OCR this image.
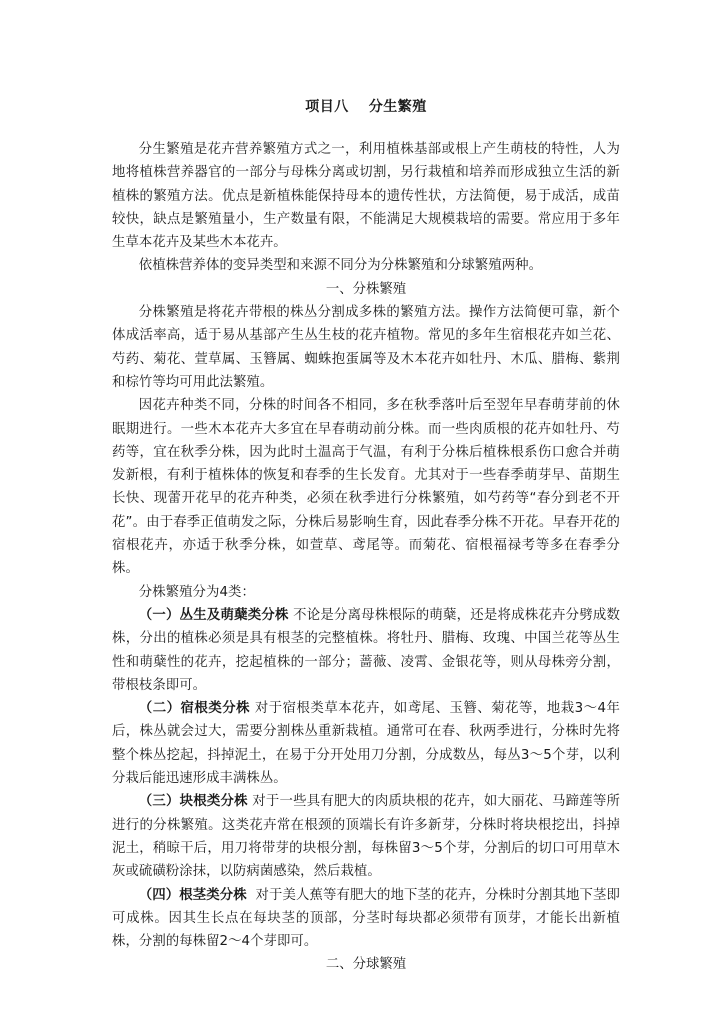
项目八 分生繁殖

分生繁殖是花卉营养繁殖方式之一，利用植株基部或根上产生萌枝的特性，人为地将植株营养器官的一部分与母株分离或切割，另行栽植和培养而形成独立生活的新植株的繁殖方法。优点是新植株能保持母本的遗传性状，方法简便，易于成活，成苗较快，缺点是繁殖量小，生产数量有限，不能满足大规模栽培的需要。常应用于多年生草本花卉及某些木本花卉。

依植株营养体的变异类型和来源不同分为分株繁殖和分球繁殖两种。

一、分株繁殖

分株繁殖是将花卉带根的株丛分割成多株的繁殖方法。操作方法简便可靠，新个体成活率高，适于易从基部产生丛生枝的花卉植物。常见的多年生宿根花卉如兰花、芍药、菊花、萱草属、玉簪属、蜘蛛抱蛋属等及木本花卉如牡丹、木瓜、腊梅、紫荆和棕竹等均可用此法繁殖。

因花卉种类不同，分株的时间各不相同，多在秋季落叶后至翌年早春萌芽前的休眠期进行。一些木本花卉大多宜在早春萌动前分株。而一些肉质根的花卉如牡丹、芍药等，宜在秋季分株，因为此时土温高于气温，有利于分株后植株根系伤口愈合并萌发新根，有利于植株体的恢复和春季的生长发育。尤其对于一些春季萌芽早、苗期生长快、现蕾开花早的花卉种类，必须在秋季进行分株繁殖，如芍药等“春分到老不开花”。由于春季正值萌发之际，分株后易影响生育，因此春季分株不开花。早春开花的宿根花卉，亦适于秋季分株，如萱草、鸢尾等。而菊花、宿根福禄考等多在春季分株。

分株繁殖分为4类：

（一）丛生及萌蘖类分株 不论是分离母株根际的萌蘖，还是将成株花卉分劈成数株，分出的植株必须是具有根茎的完整植株。将牡丹、腊梅、玫瑰、中国兰花等丛生性和萌蘖性的花卉，挖起植株的一部分；蔷薇、凌霄、金银花等，则从母株旁分割，带根枝条即可。

（二）宿根类分株 对于宿根类草本花卉，如鸢尾、玉簪、菊花等，地栽3～4年后，株丛就会过大，需要分割株丛重新栽植。通常可在春、秋两季进行，分株时先将整个株丛挖起，抖掉泥土，在易于分开处用刀分割，分成数丛，每丛3～5个芽，以利分栽后能迅速形成丰满株丛。

（三）块根类分株 对于一些具有肥大的肉质块根的花卉，如大丽花、马蹄莲等所进行的分株繁殖。这类花卉常在根颈的顶端长有许多新芽，分株时将块根挖出，抖掉泥土，稍晾干后，用刀将带芽的块根分割，每株留3～5个芽，分割后的切口可用草木灰或硫磺粉涂抹，以防病菌感染，然后栽植。

（四）根茎类分株 对于美人蕉等有肥大的地下茎的花卉，分株时分割其地下茎即可成株。因其生长点在每块茎的顶部，分茎时每块都必须带有顶芽，才能长出新植株，分割的每株留2～4个芽即可。

二、分球繁殖
